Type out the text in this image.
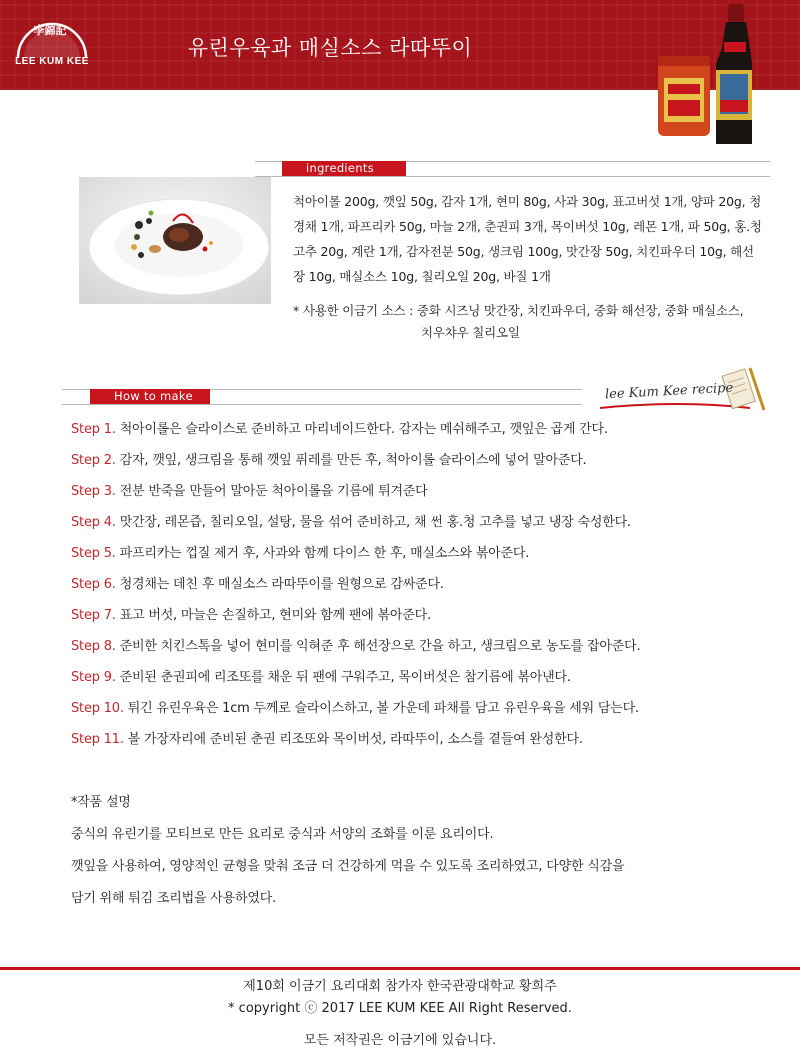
李錦記
LEE KUM KEE
유린우육과 매실소스 라따뚜이
ingredients
척아이롤 200g, 깻잎 50g, 감자 1개, 현미 80g, 사과 30g, 표고버섯 1개, 양파 20g, 청경채 1개, 파프리카 50g, 마늘 2개, 춘권피 3개, 목이버섯 10g, 레몬 1개, 파 50g, 홍.청고추 20g, 계란 1개, 감자전분 50g, 생크림 100g, 맛간장 50g, 치킨파우더 10g, 해선장 10g, 매실소스 10g, 칠리오일 20g, 바질 1개
* 사용한 이금기 소스 : 중화 시즈닝 맛간장, 치킨파우더, 중화 해선장, 중화 매실소스,
치우챠우 칠리오일
How to make	lee Kum Kee recipe
Step 1. 척아이롤은 슬라이스로 준비하고 마리네이드한다. 감자는 메쉬해주고, 깻잎은 곱게 간다.
Step 2. 감자, 깻잎, 생크림을 통해 깻잎 퓌레를 만든 후, 척아이롤 슬라이스에 넣어 말아준다.
Step 3. 전분 반죽을 만들어 말아둔 척아이롤을 기름에 튀겨준다
Step 4. 맛간장, 레몬즙, 칠리오일, 설탕, 물을 섞어 준비하고, 채 썬 홍.청 고추를 넣고 냉장 숙성한다.
Step 5. 파프리카는 껍질 제거 후, 사과와 함께 다이스 한 후, 매실소스와 볶아준다.
Step 6. 청경채는 데친 후 매실소스 라따뚜이를 원형으로 감싸준다.
Step 7. 표고 버섯, 마늘은 손질하고, 현미와 함께 팬에 볶아준다.
Step 8. 준비한 치킨스톡을 넣어 현미를 익혀준 후 해선장으로 간을 하고, 생크림으로 농도를 잡아준다.
Step 9. 준비된 춘권피에 리조또를 채운 뒤 팬에 구워주고, 목이버섯은 참기름에 볶아낸다.
Step 10. 튀긴 유린우육은 1cm 두께로 슬라이스하고, 볼 가운데 파채를 담고 유린우육을 세워 담는다.
Step 11. 볼 가장자리에 준비된 춘권 리조또와 목이버섯, 라따뚜이, 소스를 곁들여 완성한다.
*작품 설명
중식의 유린기를 모티브로 만든 요리로 중식과 서양의 조화를 이룬 요리이다.
깻잎을 사용하여, 영양적인 균형을 맞춰 조금 더 건강하게 먹을 수 있도록 조리하였고, 다양한 식감을
담기 위해 튀김 조리법을 사용하였다.
제10회 이금기 요리대회 참가자 한국관광대학교 황희주
* copyright ⓒ 2017 LEE KUM KEE All Right Reserved.
모든 저작권은 이금기에 있습니다.
